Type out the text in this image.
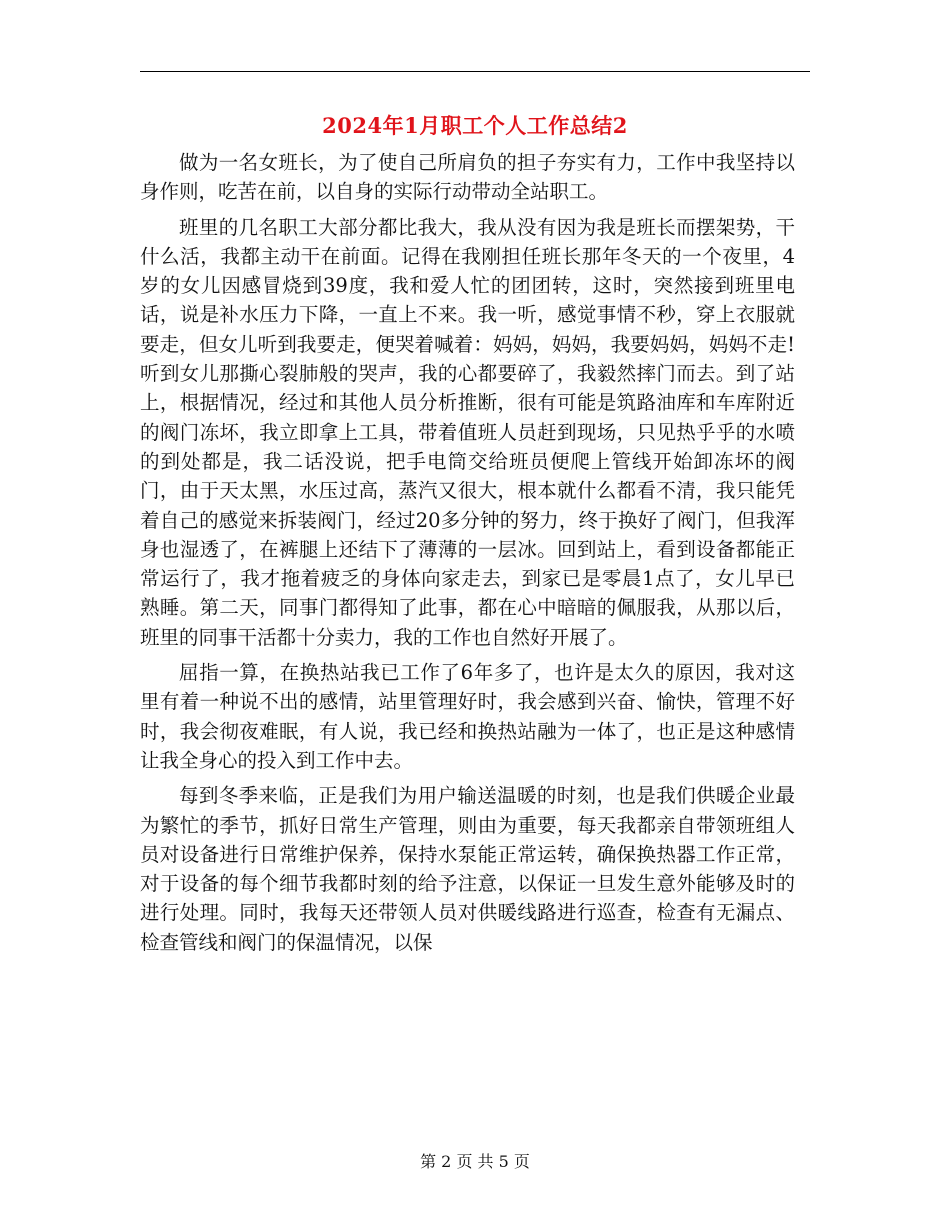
2024年1月职工个人工作总结2

做为一名女班长，为了使自己所肩负的担子夯实有力，工作中我坚持以身作则，吃苦在前，以自身的实际行动带动全站职工。

班里的几名职工大部分都比我大，我从没有因为我是班长而摆架势，干什么活，我都主动干在前面。记得在我刚担任班长那年冬天的一个夜里，4岁的女儿因感冒烧到39度，我和爱人忙的团团转，这时，突然接到班里电话，说是补水压力下降，一直上不来。我一听，感觉事情不秒，穿上衣服就要走，但女儿听到我要走，便哭着喊着：妈妈，妈妈，我要妈妈，妈妈不走!听到女儿那撕心裂肺般的哭声，我的心都要碎了，我毅然摔门而去。到了站上，根据情况，经过和其他人员分析推断，很有可能是筑路油库和车库附近的阀门冻坏，我立即拿上工具，带着值班人员赶到现场，只见热乎乎的水喷的到处都是，我二话没说，把手电筒交给班员便爬上管线开始卸冻坏的阀门，由于天太黑，水压过高，蒸汽又很大，根本就什么都看不清，我只能凭着自己的感觉来拆装阀门，经过20多分钟的努力，终于换好了阀门，但我浑身也湿透了，在裤腿上还结下了薄薄的一层冰。回到站上，看到设备都能正常运行了，我才拖着疲乏的身体向家走去，到家已是零晨1点了，女儿早已熟睡。第二天，同事门都得知了此事，都在心中暗暗的佩服我，从那以后，班里的同事干活都十分卖力，我的工作也自然好开展了。

屈指一算，在换热站我已工作了6年多了，也许是太久的原因，我对这里有着一种说不出的感情，站里管理好时，我会感到兴奋、愉快，管理不好时，我会彻夜难眠，有人说，我已经和换热站融为一体了，也正是这种感情让我全身心的投入到工作中去。

每到冬季来临，正是我们为用户输送温暖的时刻，也是我们供暖企业最为繁忙的季节，抓好日常生产管理，则由为重要，每天我都亲自带领班组人员对设备进行日常维护保养，保持水泵能正常运转，确保换热器工作正常，对于设备的每个细节我都时刻的给予注意，以保证一旦发生意外能够及时的进行处理。同时，我每天还带领人员对供暖线路进行巡查，检查有无漏点、检查管线和阀门的保温情况，以保

第 2 页 共 5 页
